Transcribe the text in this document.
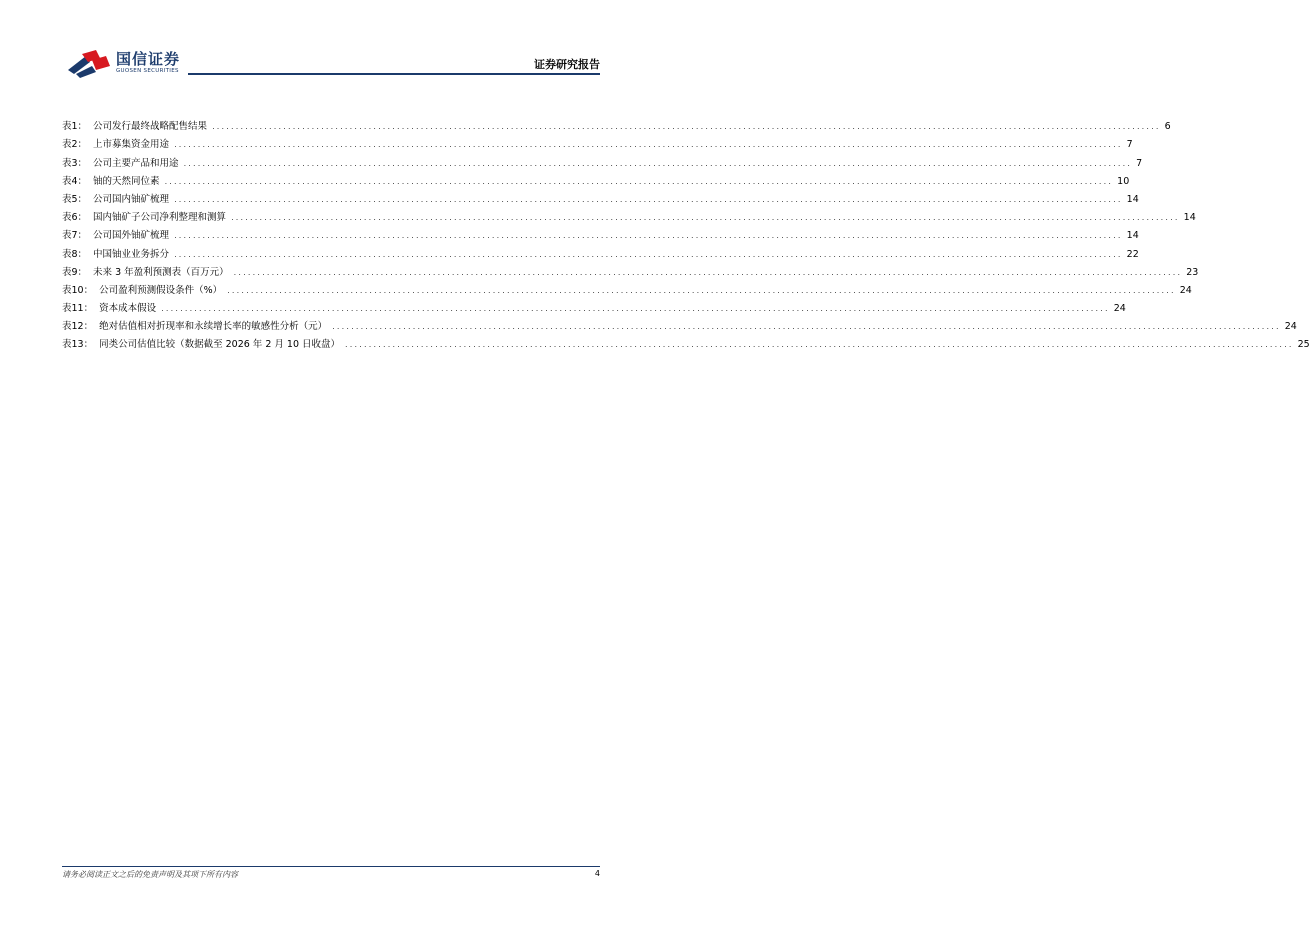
国信证券
GUOSEN SECURITIES	证券研究报告
表1： 公司发行最终战略配售结果 ........................................................................................................................................................................................................ 6
表2： 上市募集资金用途 ........................................................................................................................................................................................................ 7
表3： 公司主要产品和用途 ........................................................................................................................................................................................................ 7
表4： 铀的天然同位素 ........................................................................................................................................................................................................ 10
表5： 公司国内铀矿梳理 ........................................................................................................................................................................................................ 14
表6： 国内铀矿子公司净利整理和测算 ........................................................................................................................................................................................................ 14
表7： 公司国外铀矿梳理 ........................................................................................................................................................................................................ 14
表8： 中国铀业业务拆分 ........................................................................................................................................................................................................ 22
表9： 未来 3 年盈利预测表（百万元） ........................................................................................................................................................................................................ 23
表10： 公司盈利预测假设条件（%） ........................................................................................................................................................................................................ 24
表11： 资本成本假设 ........................................................................................................................................................................................................ 24
表12： 绝对估值相对折现率和永续增长率的敏感性分析（元） ........................................................................................................................................................................................................ 24
表13： 同类公司估值比较（数据截至 2026 年 2 月 10 日收盘） ........................................................................................................................................................................................................ 25
请务必阅读正文之后的免责声明及其项下所有内容	4
